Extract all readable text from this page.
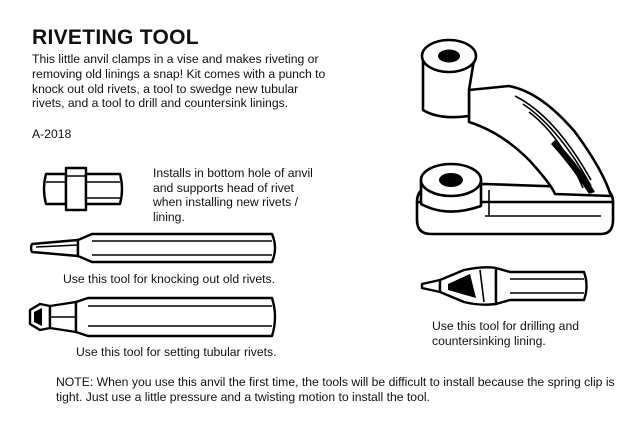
RIVETING TOOL

This little anvil clamps in a vise and makes riveting or removing old linings a snap! Kit comes with a punch to knock out old rivets, a tool to swedge new tubular rivets, and a tool to drill and countersink linings.

A-2018
Installs in bottom hole of anvil and supports head of rivet when installing new rivets / lining.
Use this tool for knocking out old rivets.
Use this tool for setting tubular rivets.
Use this tool for drilling and countersinking lining.
NOTE: When you use this anvil the first time, the tools will be difficult to install because the spring clip is tight. Just use a little pressure and a twisting motion to install the tool.
